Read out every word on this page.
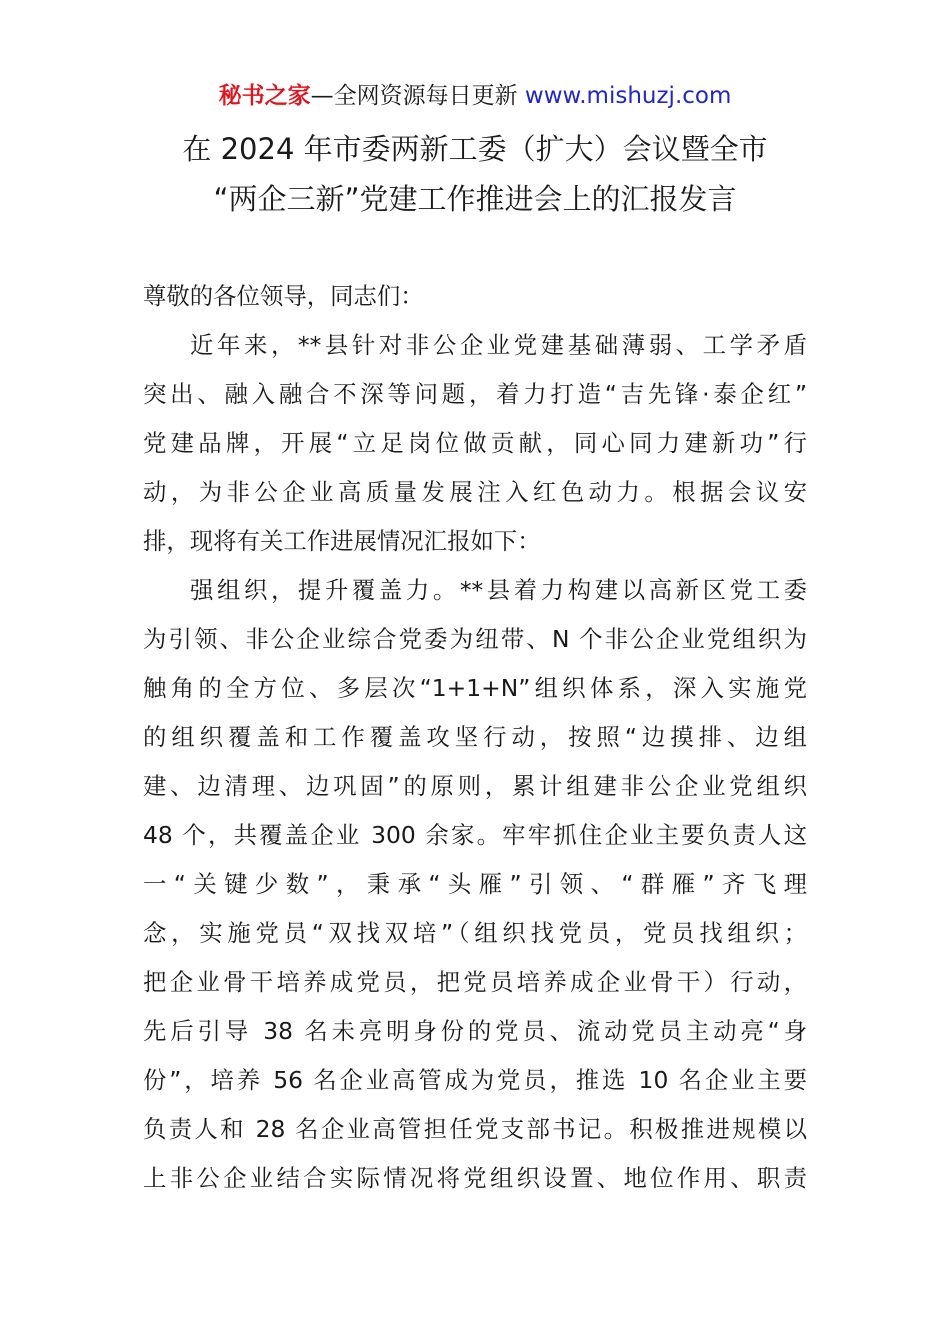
秘书之家—全网资源每日更新 www.mishuzj.com
在 2024 年市委两新工委（扩大）会议暨全市
“两企三新”党建工作推进会上的汇报发言
尊敬的各位领导，同志们：
近年来，**县针对非公企业党建基础薄弱、工学矛盾
突出、融入融合不深等问题，着力打造“吉先锋·泰企红”
党建品牌，开展“立足岗位做贡献，同心同力建新功”行
动，为非公企业高质量发展注入红色动力。根据会议安
排，现将有关工作进展情况汇报如下：
强组织，提升覆盖力。**县着力构建以高新区党工委
为引领、非公企业综合党委为纽带、N 个非公企业党组织为
触角的全方位、多层次“1+1+N”组织体系，深入实施党
的组织覆盖和工作覆盖攻坚行动，按照“边摸排、边组
建、边清理、边巩固”的原则，累计组建非公企业党组织
48 个，共覆盖企业 300 余家。牢牢抓住企业主要负责人这
一“关键少数”，秉承“头雁”引领、“群雁”齐飞理
念，实施党员“双找双培”（组织找党员，党员找组织；
把企业骨干培养成党员，把党员培养成企业骨干）行动，
先后引导 38 名未亮明身份的党员、流动党员主动亮“身
份”，培养 56 名企业高管成为党员，推选 10 名企业主要
负责人和 28 名企业高管担任党支部书记。积极推进规模以
上非公企业结合实际情况将党组织设置、地位作用、职责
